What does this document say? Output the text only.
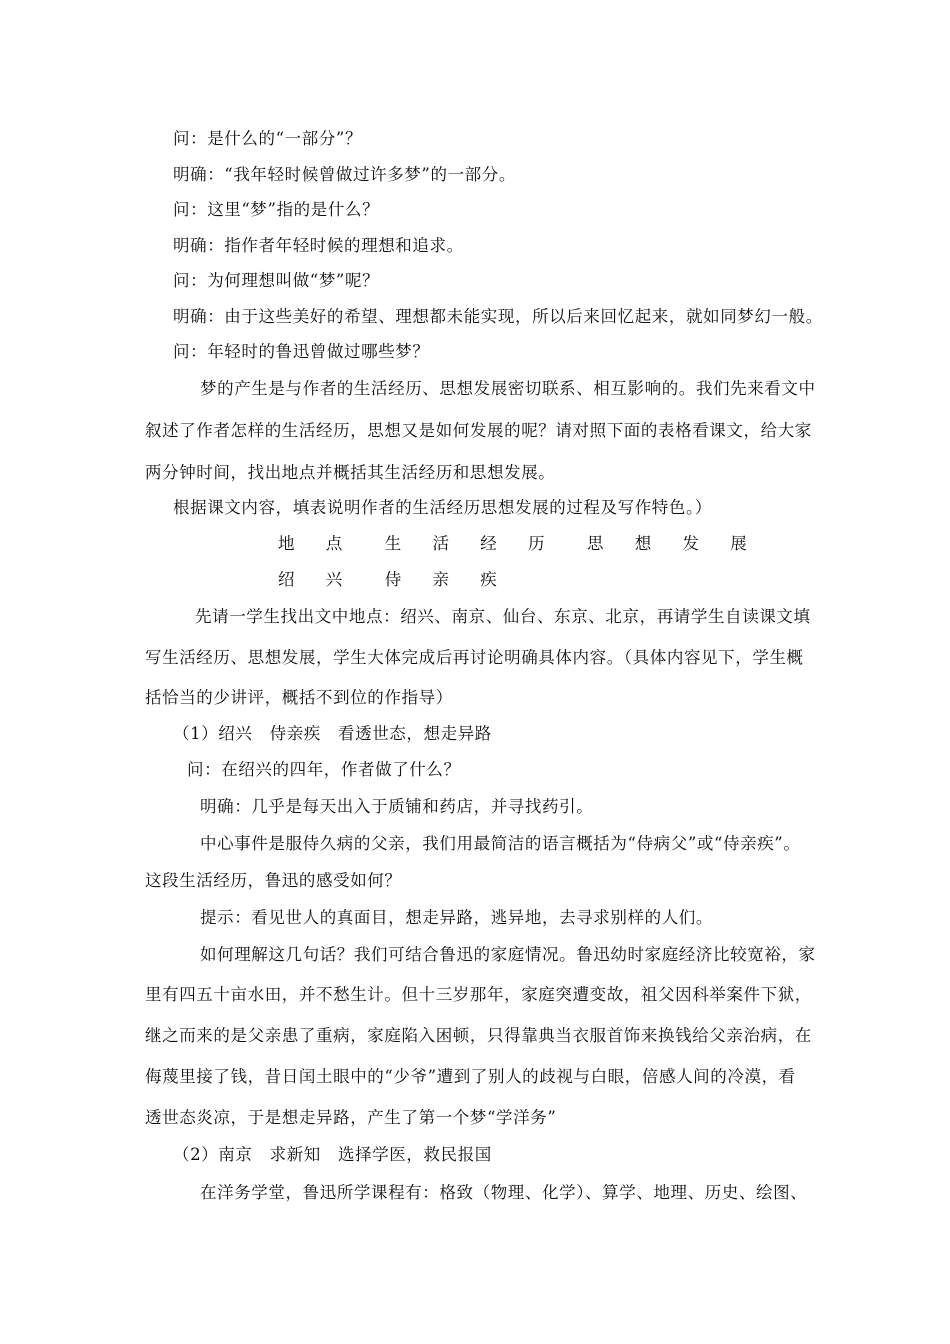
问：是什么的“一部分”？
明确：“我年轻时候曾做过许多梦”的一部分。
问：这里“梦”指的是什么？
明确：指作者年轻时候的理想和追求。
问：为何理想叫做“梦”呢？
明确：由于这些美好的希望、理想都未能实现，所以后来回忆起来，就如同梦幻一般。
问：年轻时的鲁迅曾做过哪些梦？
梦的产生是与作者的生活经历、思想发展密切联系、相互影响的。我们先来看文中
叙述了作者怎样的生活经历，思想又是如何发展的呢？请对照下面的表格看课文，给大家
两分钟时间，找出地点并概括其生活经历和思想发展。
根据课文内容，填表说明作者的生活经历思想发展的过程及写作特色。）
地 点　生 活 经 历　思 想 发 展
绍 兴　侍 亲 疾
先请一学生找出文中地点：绍兴、南京、仙台、东京、北京，再请学生自读课文填
写生活经历、思想发展，学生大体完成后再讨论明确具体内容。（具体内容见下，学生概
括恰当的少讲评，概括不到位的作指导）
（1）绍兴　侍亲疾　看透世态，想走异路
问：在绍兴的四年，作者做了什么？
明确：几乎是每天出入于质铺和药店，并寻找药引。
中心事件是服侍久病的父亲，我们用最简洁的语言概括为“侍病父”或“侍亲疾”。
这段生活经历，鲁迅的感受如何？
提示：看见世人的真面目，想走异路，逃异地，去寻求别样的人们。
如何理解这几句话？我们可结合鲁迅的家庭情况。鲁迅幼时家庭经济比较宽裕，家
里有四五十亩水田，并不愁生计。但十三岁那年，家庭突遭变故，祖父因科举案件下狱，
继之而来的是父亲患了重病，家庭陷入困顿，只得靠典当衣服首饰来换钱给父亲治病，在
侮蔑里接了钱，昔日闰土眼中的“少爷”遭到了别人的歧视与白眼，倍感人间的冷漠，看
透世态炎凉，于是想走异路，产生了第一个梦“学洋务”
（2）南京　求新知　选择学医，救民报国
在洋务学堂，鲁迅所学课程有：格致（物理、化学）、算学、地理、历史、绘图、
